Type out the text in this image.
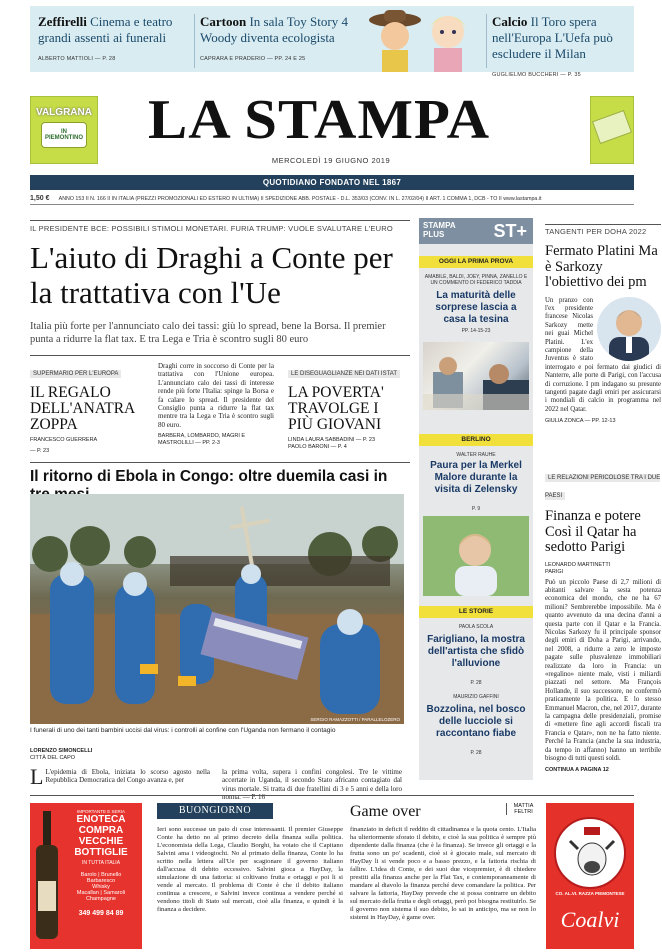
Zeffirelli Cinema e teatro grandi assenti ai funerali
ALBERTO MATTIOLI — P. 28
Cartoon In sala Toy Story 4 Woody diventa ecologista
CAPRARA E PRADERIO — PP. 24 E 25
Calcio Il Toro spera nell'Europa L'Uefa può escludere il Milan
GUGLIELMO BUCCHERI — P. 35
VALGRANA
IN PIEMONTINO LA STAMPA
MERCOLEDÌ 19 GIUGNO 2019
QUOTIDIANO FONDATO NEL 1867
1,50 € ANNO 153 II N. 166 II IN ITALIA (PREZZI PROMOZIONALI ED ESTERO IN ULTIMA) II SPEDIZIONE ABB. POSTALE - D.L. 353/03 (CONV. IN L. 27/02/04) II ART. 1 COMMA 1, DCB - TO II www.lastampa.it
IL PRESIDENTE BCE: POSSIBILI STIMOLI MONETARI. FURIA TRUMP: VUOLE SVALUTARE L'EURO
L'aiuto di Draghi a Conte per la trattativa con l'Ue
Italia più forte per l'annunciato calo dei tassi: giù lo spread, bene la Borsa. Il premier punta a ridurre la flat tax. E tra Lega e Tria è scontro sugli 80 euro
SUPERMARIO PER L'EUROPA
IL REGALO DELL'ANATRA ZOPPA
FRANCESCO GUERRERA
— P. 23
Draghi corre in soccorso di Conte per la trattativa con l'Unione europea. L'annunciato calo dei tassi di interesse rende più forte l'Italia: spinge la Borsa e fa calare lo spread. Il presidente del Consiglio punta a ridurre la flat tax mentre tra la Lega e Tria è scontro sugli 80 euro.
BARBERA, LOMBARDO, MAGRI E MASTROLILLI — PP. 2-3
LE DISEGUAGLIANZE NEI DATI ISTAT
LA POVERTA' TRAVOLGE I PIÙ GIOVANI
LINDA LAURA SABBADINI — P. 23
PAOLO BARONI — P. 4
Il ritorno di Ebola in Congo: oltre duemila casi in
SERGIO RAMAZZOTTI / PARALLELOZERO
I funerali di uno dei tanti bambini uccisi dal virus: i controlli al confine con l'Uganda non fermano il contagio
LORENZO SIMONCELLI
CITTÀ DEL CAPO
L L'epidemia di Ebola, iniziata lo scorso agosto nella Repubblica Democratica del Congo avanza e, per
la prima volta, supera i confini congolesi. Tre le vittime accertate in Uganda, il secondo Stato africano contagiato dal virus mortale. Si tratta di due fratellini di 3 e 5 anni e della loro nonna. — P. 16
OGGI LA PRIMA PROVA
AMABILE, BALDI, JOEY, PINNA, ZANELLO E UN COMMENTO DI FEDERICO TADDIA
La maturità delle sorprese lascia a casa la tesina
PP. 14-15-23
BERLINO
WALTER RAUHE
Paura per la Merkel Malore durante la visita di Zelensky
P. 9
LE STORIE
PAOLA SCOLA
Farigliano, la mostra dell'artista che sfidò l'alluvione
P. 28
MAURIZIO GAFFINI
Bozzolina, nel bosco delle lucciole si raccontano fiabe
P. 28
STAMPA PLUS	ST+ TANGENTI PER DOHA 2022
Fermato Platini Ma è Sarkozy l'obiettivo dei pm
Un pranzo con l'ex presidente francese Nicolas Sarkozy mette nei guai Michel Platini. L'ex campione della Juventus è stato interrogato e poi fermato dai giudici di Nanterre, alle porte di Parigi, con l'accusa di corruzione. I pm indagano su presunte tangenti pagate dagli emiri per assicurarsi i mondiali di calcio in programma nel 2022 nel Qatar.
GIULIA ZONCA — PP. 12-13
LE RELAZIONI PERICOLOSE TRA I DUE PAESI
Finanza e potere Così il Qatar ha sedotto Parigi
LEONARDO MARTINETTI
PARIGI
Può un piccolo Paese di 2,7 milioni di abitanti salvare la sesta potenza economica del mondo, che ne ha 67 milioni? Sembrerebbe impossibile. Ma è quanto avvenuto da una decina d'anni a questa parte con il Qatar e la Francia. Nicolas Sarkozy fu il principale sponsor degli emiri di Doha a Parigi, arrivando, nel 2008, a ridurre a zero le imposte pagate sulle plusvalenze immobiliari realizzate da loro in Francia: un «regalino» niente male, visti i miliardi piazzati nel settore. Ma François Hollande, il suo successore, ne confermò praticamente la politica. E lo stesso Emmanuel Macron, che, nel 2017, durante la campagna delle presidenziali, promise di «mettere fine agli accordi fiscali tra Francia e Qatar», non ne ha fatto niente. Perché la Francia (anche la sua industria, da tempo in affanno) hanno un terribile bisogno di tutti questi soldi.
CONTINUA A PAGINA 12
IMPORTANTE E SERIA
ENOTECA
COMPRA
VECCHIE
BOTTIGLIE
IN TUTTA ITALIA
Barolo | Brunello
Barbaresco
Whisky
Macallan | Samaroli
Champagne
349 499 84 89
BUONGIORNO
Ieri sono successe un paio di cose interessanti. Il premier Giuseppe Conte ha detto no al primo decreto della finanza sulla politica. L'economista della Lega, Claudio Borghi, ha votato che il Capitano Salvini ama i videogiochi. No al primato della finanza, Conte lo ha scritto nella lettera all'Ue per scagionare il governo italiano dall'accusa di debito eccessivo. Salvini gioca a HayDay, la simulazione di una fattoria: si coltivano frutta e ortaggi e poi li si vende al mercato. Il problema di Conte è che il debito italiano continua a crescere, e Salvini invece continua a vendere perché si vendono titoli di Stato sul mercati, cioè alla finanza, e quindi è la finanza a decidere.
Game over	MATTIA FELTRI
finanziato in deficit il reddito di cittadinanza e la quota cento. L'Italia ha ulteriormente sforato il debito, e cioè la sua politica è sempre più dipendente dalla finanza (che è la finanza). Se invece gli ortaggi e la frutta sono un po' scadenti, cioè si è giocato male, sul mercato di HayDay li si vende poco e a basso prezzo, e la fattoria rischia di fallire. L'idea di Conte, e dei suoi due vicepremier, è di chiedere prestiti alla finanza anche per la Flat Tax, e contemporaneamente di mandare al diavolo la finanza perché deve comandare la politica. Per salvare la fattoria, HayDay prevede che si possa contrarre un debito sul mercato della frutta e degli ortaggi, però poi bisogna restituirlo. Se il governo non sistema il suo debito, lo sai in anticipo, ma se non lo sistemi in HayDay, è game over.
CO. AL.VI. RAZZA PIEMONTESE
Coalvi
